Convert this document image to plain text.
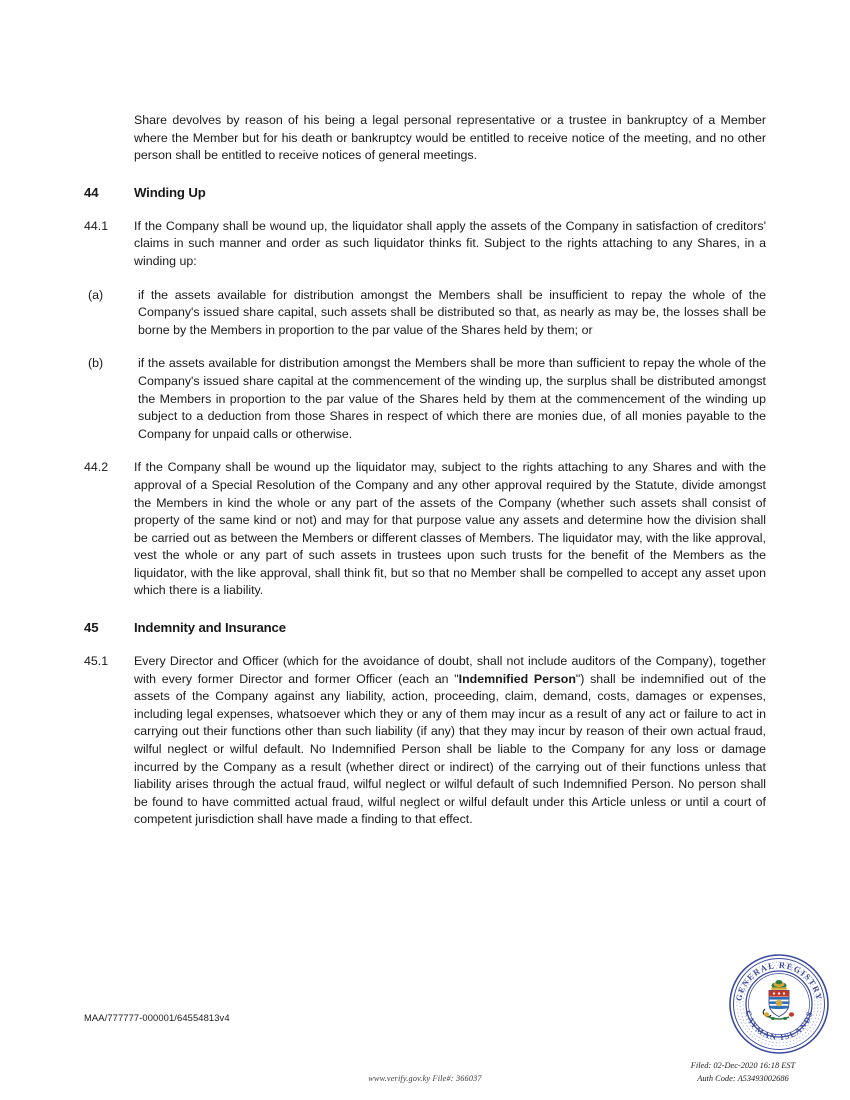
Share devolves by reason of his being a legal personal representative or a trustee in bankruptcy of a Member where the Member but for his death or bankruptcy would be entitled to receive notice of the meeting, and no other person shall be entitled to receive notices of general meetings.
44	Winding Up
44.1	If the Company shall be wound up, the liquidator shall apply the assets of the Company in satisfaction of creditors' claims in such manner and order as such liquidator thinks fit. Subject to the rights attaching to any Shares, in a winding up:
(a)	if the assets available for distribution amongst the Members shall be insufficient to repay the whole of the Company's issued share capital, such assets shall be distributed so that, as nearly as may be, the losses shall be borne by the Members in proportion to the par value of the Shares held by them; or
(b)	if the assets available for distribution amongst the Members shall be more than sufficient to repay the whole of the Company's issued share capital at the commencement of the winding up, the surplus shall be distributed amongst the Members in proportion to the par value of the Shares held by them at the commencement of the winding up subject to a deduction from those Shares in respect of which there are monies due, of all monies payable to the Company for unpaid calls or otherwise.
44.2	If the Company shall be wound up the liquidator may, subject to the rights attaching to any Shares and with the approval of a Special Resolution of the Company and any other approval required by the Statute, divide amongst the Members in kind the whole or any part of the assets of the Company (whether such assets shall consist of property of the same kind or not) and may for that purpose value any assets and determine how the division shall be carried out as between the Members or different classes of Members. The liquidator may, with the like approval, vest the whole or any part of such assets in trustees upon such trusts for the benefit of the Members as the liquidator, with the like approval, shall think fit, but so that no Member shall be compelled to accept any asset upon which there is a liability.
45	Indemnity and Insurance
45.1	Every Director and Officer (which for the avoidance of doubt, shall not include auditors of the Company), together with every former Director and former Officer (each an "Indemnified Person") shall be indemnified out of the assets of the Company against any liability, action, proceeding, claim, demand, costs, damages or expenses, including legal expenses, whatsoever which they or any of them may incur as a result of any act or failure to act in carrying out their functions other than such liability (if any) that they may incur by reason of their own actual fraud, wilful neglect or wilful default. No Indemnified Person shall be liable to the Company for any loss or damage incurred by the Company as a result (whether direct or indirect) of the carrying out of their functions unless that liability arises through the actual fraud, wilful neglect or wilful default of such Indemnified Person. No person shall be found to have committed actual fraud, wilful neglect or wilful default under this Article unless or until a court of competent jurisdiction shall have made a finding to that effect.
MAA/777777-000001/64554813v4
www.verify.gov.ky File#: 366037
Filed: 02-Dec-2020 16:18 EST
Auth Code: A53493002686
GENERAL REGISTRY
CAYMAN ISLANDS
